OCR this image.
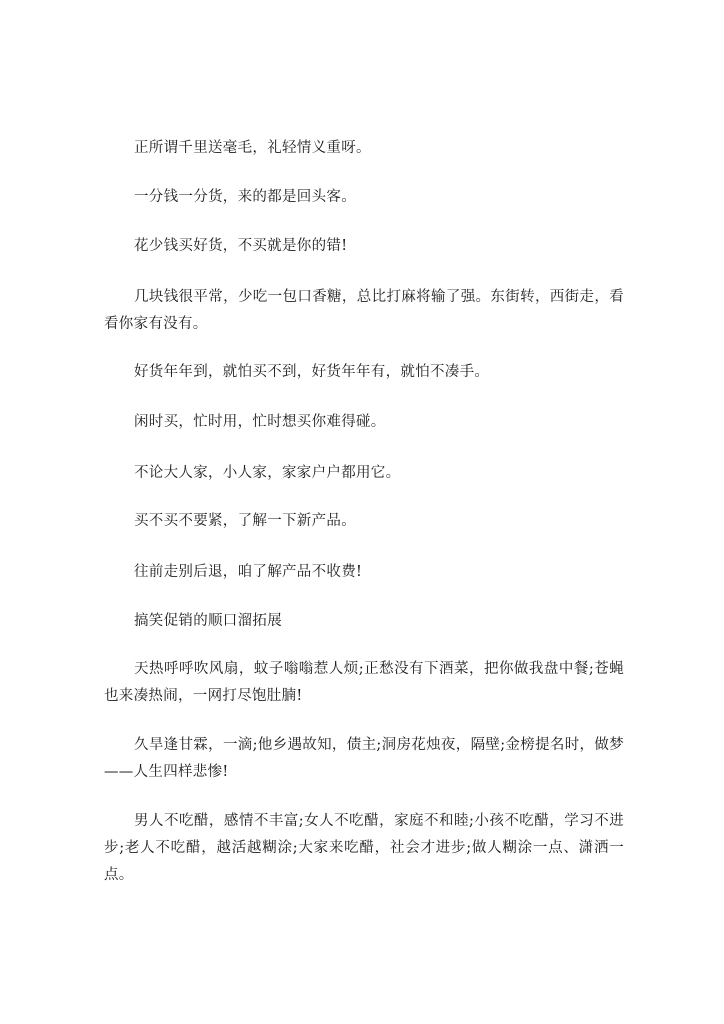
正所谓千里送毫毛，礼轻情义重呀。

一分钱一分货，来的都是回头客。

花少钱买好货，不买就是你的错!

几块钱很平常，少吃一包口香糖，总比打麻将输了强。东街转，西街走，看看你家有没有。

好货年年到，就怕买不到，好货年年有，就怕不凑手。

闲时买，忙时用，忙时想买你难得碰。

不论大人家，小人家，家家户户都用它。

买不买不要紧，了解一下新产品。

往前走别后退，咱了解产品不收费!

搞笑促销的顺口溜拓展

天热呼呼吹风扇，蚊子嗡嗡惹人烦;正愁没有下酒菜，把你做我盘中餐;苍蝇也来凑热闹，一网打尽饱肚腩!

久旱逢甘霖，一滴;他乡遇故知，债主;洞房花烛夜，隔壁;金榜提名时，做梦——人生四样悲惨!

男人不吃醋，感情不丰富;女人不吃醋，家庭不和睦;小孩不吃醋，学习不进步;老人不吃醋，越活越糊涂;大家来吃醋，社会才进步;做人糊涂一点、潇洒一点。
